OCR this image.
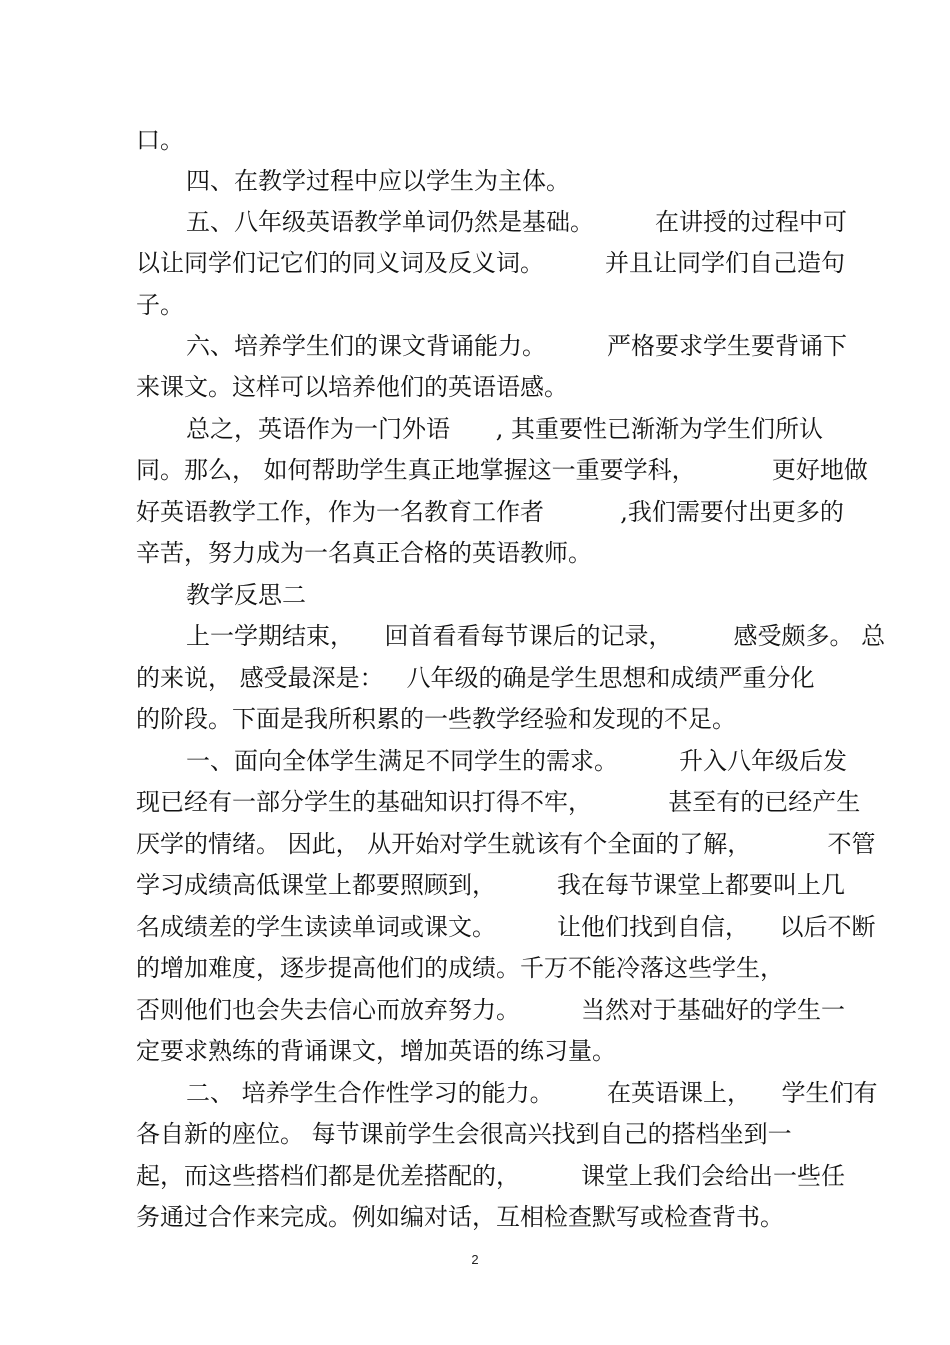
口。
四、在教学过程中应以学生为主体。
五、八年级英语教学单词仍然是基础。        在讲授的过程中可
以让同学们记它们的同义词及反义词。        并且让同学们自己造句
子。
六、培养学生们的课文背诵能力。        严格要求学生要背诵下
来课文。这样可以培养他们的英语语感。
总之，英语作为一门外语      , 其重要性已渐渐为学生们所认
同。那么， 如何帮助学生真正地掌握这一重要学科，          更好地做
好英语教学工作，作为一名教育工作者          ,我们需要付出更多的
辛苦，努力成为一名真正合格的英语教师。
教学反思二
上一学期结束，    回首看看每节课后的记录，        感受颇多。 总
的来说， 感受最深是：   八年级的确是学生思想和成绩严重分化
的阶段。下面是我所积累的一些教学经验和发现的不足。
一、面向全体学生满足不同学生的需求。        升入八年级后发
现已经有一部分学生的基础知识打得不牢，          甚至有的已经产生
厌学的情绪。 因此， 从开始对学生就该有个全面的了解，          不管
学习成绩高低课堂上都要照顾到，        我在每节课堂上都要叫上几
名成绩差的学生读读单词或课文。        让他们找到自信，    以后不断
的增加难度，逐步提高他们的成绩。千万不能冷落这些学生，
否则他们也会失去信心而放弃努力。        当然对于基础好的学生一
定要求熟练的背诵课文，增加英语的练习量。
二、 培养学生合作性学习的能力。       在英语课上，    学生们有
各自新的座位。 每节课前学生会很高兴找到自己的搭档坐到一
起，而这些搭档们都是优差搭配的，        课堂上我们会给出一些任
务通过合作来完成。例如编对话，互相检查默写或检查背书。
2
